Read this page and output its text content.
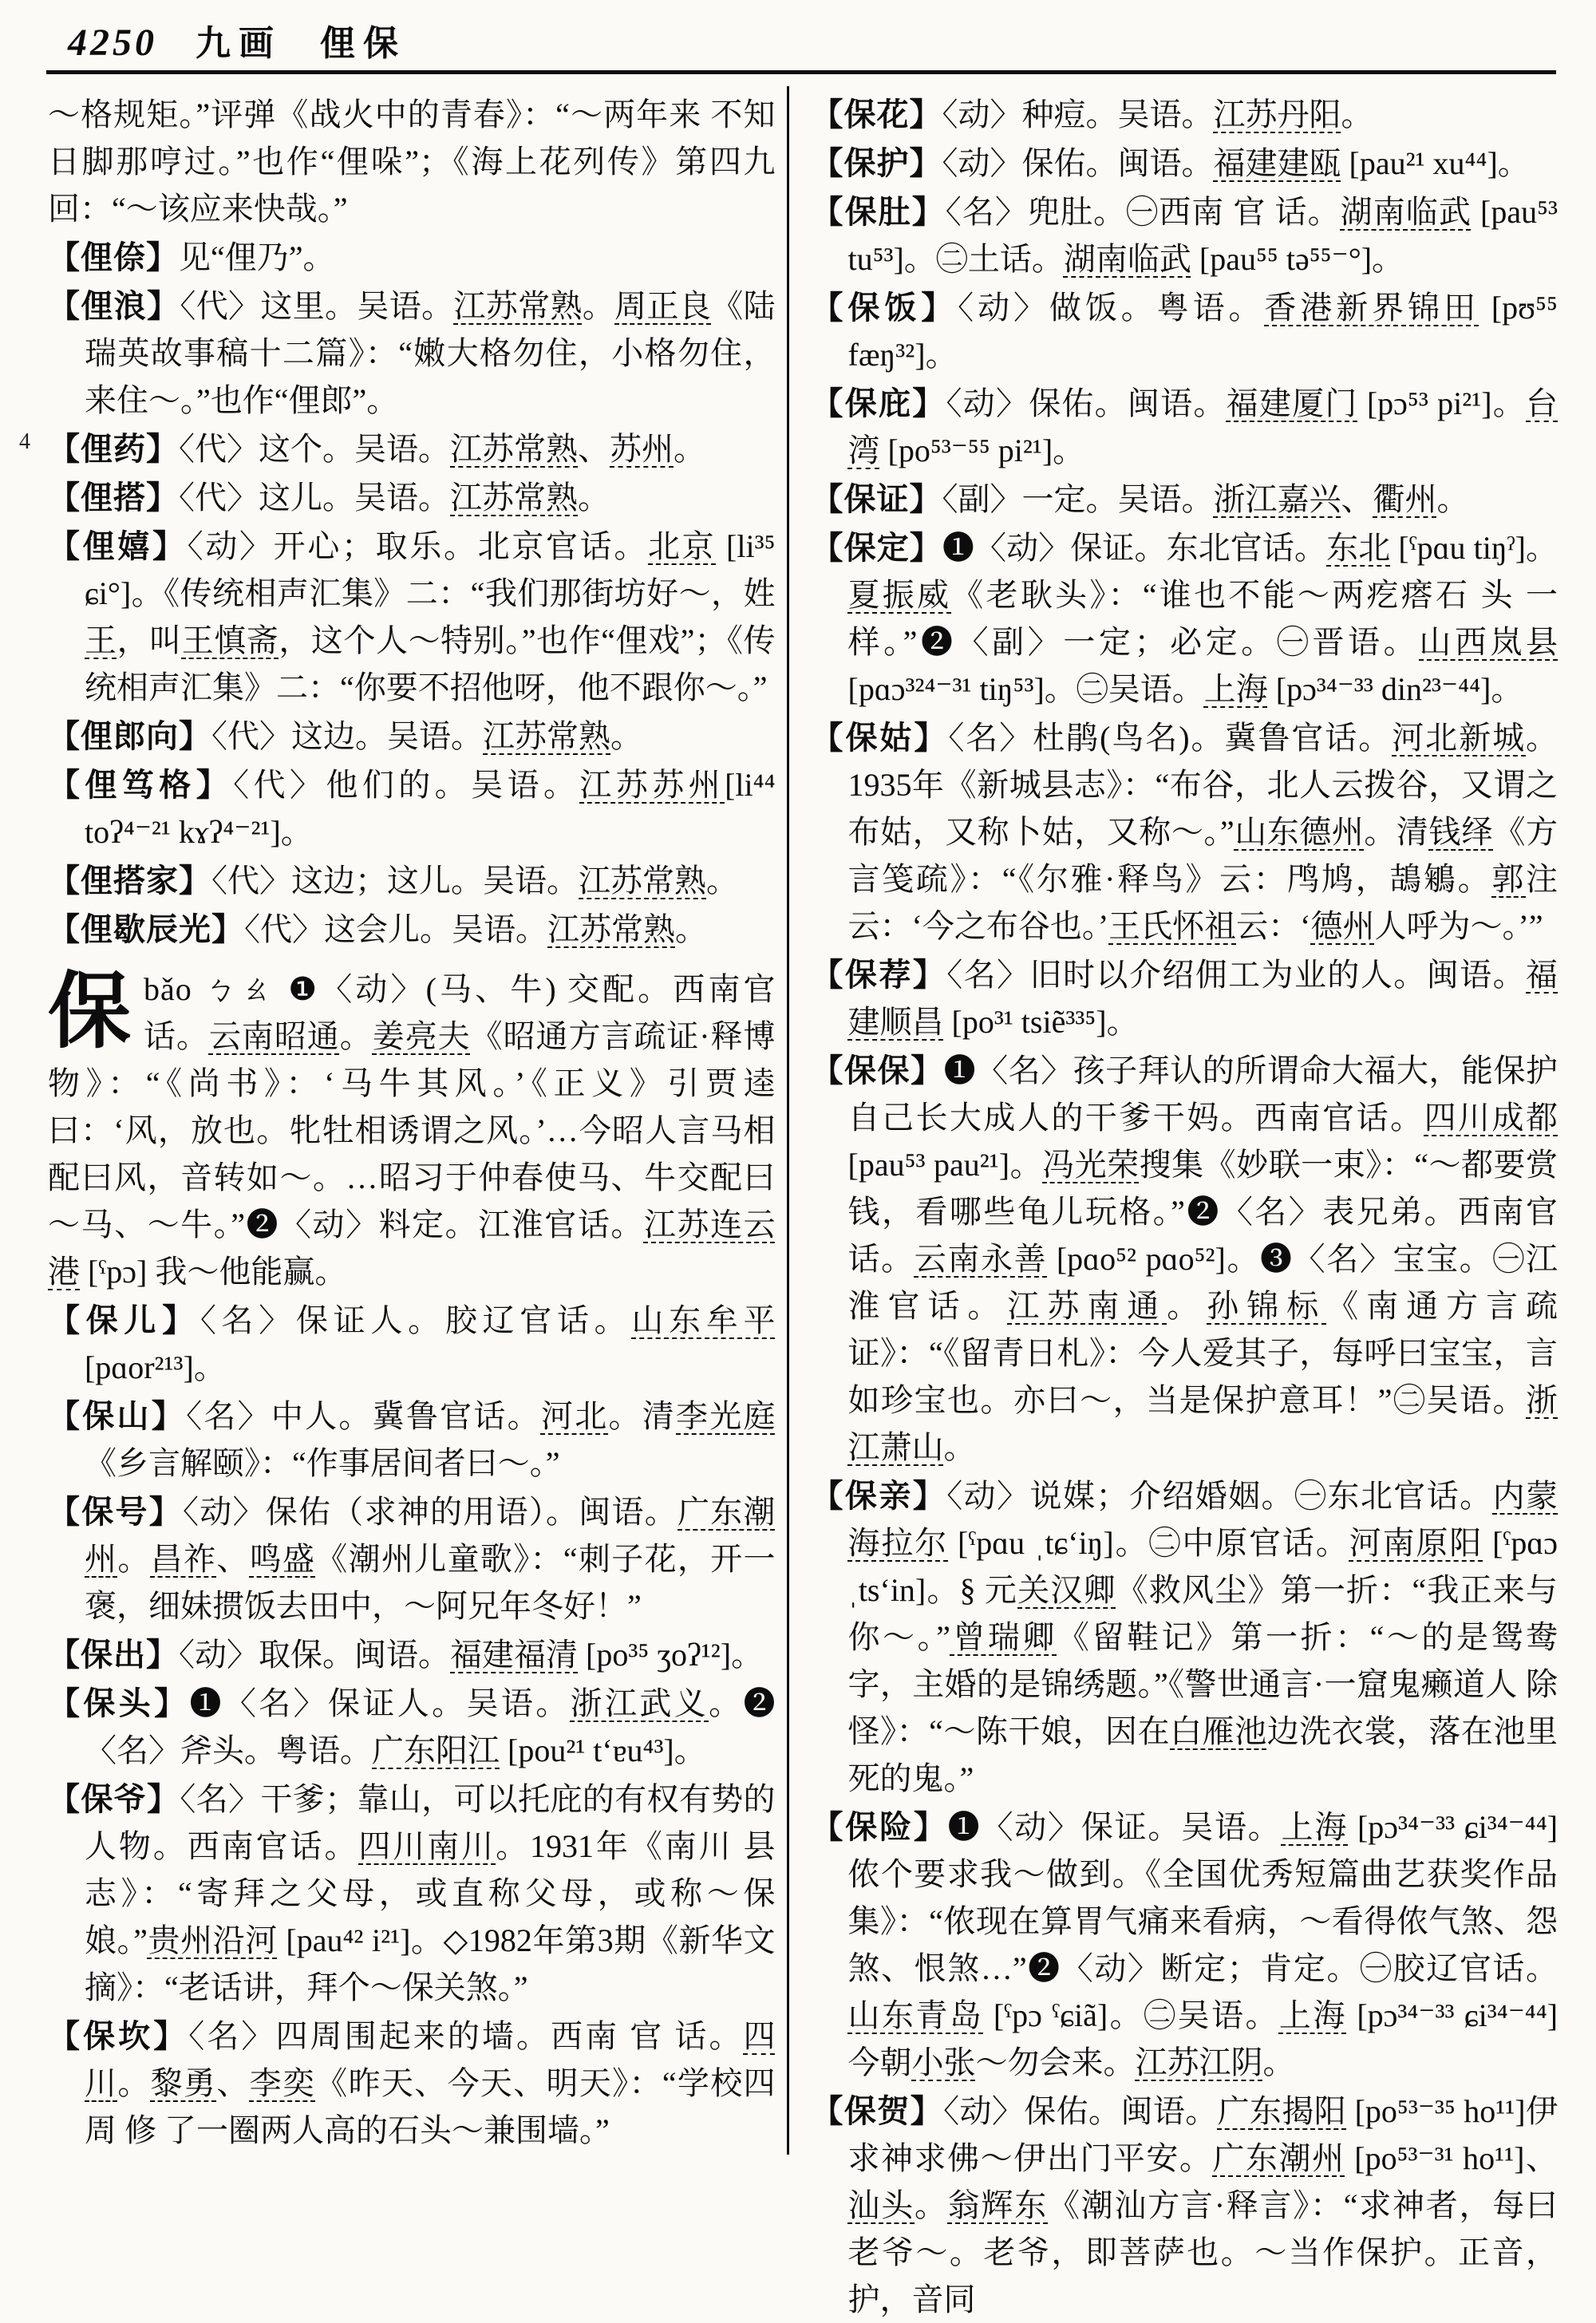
4250 九画 俚保
4

～格规矩。”评弹《战火中的青春》：“～两年来 不知日脚那哼过。”也作“俚哚”；《海上花列传》第四九回：“～该应来快哉。”

【俚倷】见“俚乃”。

【俚浪】〈代〉这里。吴语。江苏常熟。周正良《陆瑞英故事稿十二篇》：“嫩大格勿住，小格勿住，来住～。”也作“俚郎”。

【俚药】〈代〉这个。吴语。江苏常熟、苏州。

【俚搭】〈代〉这儿。吴语。江苏常熟。

【俚嬉】〈动〉开心；取乐。北京官话。北京 [li³⁵ ɕi°]。《传统相声汇集》二：“我们那街坊好～，姓王，叫王慎斋，这个人～特别。”也作“俚戏”；《传统相声汇集》二：“你要不招他呀，他不跟你～。”

【俚郎向】〈代〉这边。吴语。江苏常熟。

【俚笃格】〈代〉他们的。吴语。江苏苏州[li⁴⁴ toʔ⁴⁻²¹ kɤʔ⁴⁻²¹]。

【俚搭家】〈代〉这边；这儿。吴语。江苏常熟。

【俚歇辰光】〈代〉这会儿。吴语。江苏常熟。

保bǎo ㄅㄠ ❶〈动〉(马、牛) 交配。西南官话。云南昭通。姜亮夫《昭通方言疏证·释博物》：“《尚书》：‘马牛其风。’《正义》引贾逵曰：‘风，放也。牝牡相诱谓之风。’…今昭人言马相配曰风，音转如～。…昭习于仲春使马、牛交配曰～马、～牛。”❷〈动〉料定。江淮官话。江苏连云港 [ˤpɔ] 我～他能赢。

【保儿】〈名〉保证人。胶辽官话。山东牟平[pɑor²¹³]。

【保山】〈名〉中人。冀鲁官话。河北。清李光庭《乡言解颐》：“作事居间者曰～。”

【保号】〈动〉保佑（求神的用语）。闽语。广东潮州。昌祚、鸣盛《潮州儿童歌》：“刺子花，开一褒，细妹掼饭去田中，～阿兄年冬好！”

【保出】〈动〉取保。闽语。福建福清 [po³⁵ ʒoʔ¹²]。

【保头】❶〈名〉保证人。吴语。浙江武义。❷〈名〉斧头。粤语。广东阳江 [pou²¹ t‘ɐu⁴³]。

【保爷】〈名〉干爹；靠山，可以托庇的有权有势的人物。西南官话。四川南川。1931年《南川 县 志》：“寄拜之父母，或直称父母，或称～保娘。”贵州沿河 [pau⁴² i²¹]。◇1982年第3期《新华文摘》：“老话讲，拜个～保关煞。”

【保坎】〈名〉四周围起来的墙。西南 官 话。四川。黎勇、李奕《昨天、今天、明天》：“学校四周 修 了一圈两人高的石头～兼围墙。”

【保花】〈动〉种痘。吴语。江苏丹阳。

【保护】〈动〉保佑。闽语。福建建瓯 [pau²¹ xu⁴⁴]。

【保肚】〈名〉兜肚。㊀西南 官 话。湖南临武 [pau⁵³ tu⁵³]。㊁土话。湖南临武 [pau⁵⁵ tə⁵⁵⁻°]。

【保饭】〈动〉做饭。粤语。香港新界锦田 [pʊ⁵⁵ fæŋ³²]。

【保庇】〈动〉保佑。闽语。福建厦门 [pɔ⁵³ pi²¹]。台湾 [po⁵³⁻⁵⁵ pi²¹]。

【保证】〈副〉一定。吴语。浙江嘉兴、衢州。

【保定】❶〈动〉保证。东北官话。东北 [ˤpɑu tiŋˀ]。夏振威《老耿头》：“谁也不能～两疙瘩石 头 一样。”❷〈副〉一定；必定。㊀晋语。山西岚县[pɑɔ³²⁴⁻³¹ tiŋ⁵³]。㊁吴语。上海 [pɔ³⁴⁻³³ din²³⁻⁴⁴]。

【保姑】〈名〉杜鹃(鸟名)。冀鲁官话。河北新城。1935年《新城县志》：“布谷，北人云拨谷，又谓之布姑，又称卜姑，又称～。”山东德州。清钱绎《方言笺疏》：“《尔雅·释鸟》云：鸤鸠，鴶鵴。郭注云：‘今之布谷也。’王氏怀祖云：‘德州人呼为～。’”

【保荐】〈名〉旧时以介绍佣工为业的人。闽语。福建顺昌 [po³¹ tsiẽ³³⁵]。

【保保】❶〈名〉孩子拜认的所谓命大福大，能保护自己长大成人的干爹干妈。西南官话。四川成都 [pau⁵³ pau²¹]。冯光荣搜集《妙联一束》：“～都要赏钱，看哪些龟儿玩格。”❷〈名〉表兄弟。西南官话。云南永善 [pɑo⁵² pɑo⁵²]。❸〈名〉宝宝。㊀江淮官话。江苏南通。孙锦标《南通方言疏证》：“《留青日札》：今人爱其子，每呼曰宝宝，言如珍宝也。亦曰～，当是保护意耳！”㊁吴语。浙江萧山。

【保亲】〈动〉说媒；介绍婚姻。㊀东北官话。内蒙海拉尔 [ˤpɑu ˌtɕ‘iŋ]。㊁中原官话。河南原阳 [ˤpɑɔ ˌts‘in]。§ 元关汉卿《救风尘》第一折：“我正来与你～。”曾瑞卿《留鞋记》第一折：“～的是鸳鸯字，主婚的是锦绣题。”《警世通言·一窟鬼癞道人 除 怪》：“～陈干娘，因在白雁池边洗衣裳，落在池里死的鬼。”

【保险】❶〈动〉保证。吴语。上海 [pɔ³⁴⁻³³ ɕi³⁴⁻⁴⁴]侬个要求我～做到。《全国优秀短篇曲艺获奖作品集》：“侬现在算胃气痛来看病，～看得侬气煞、怨煞、恨煞…”❷〈动〉断定；肯定。㊀胶辽官话。山东青岛 [ˤpɔ ˤɕiã]。㊁吴语。上海 [pɔ³⁴⁻³³ ɕi³⁴⁻⁴⁴] 今朝小张～勿会来。江苏江阴。

【保贺】〈动〉保佑。闽语。广东揭阳 [po⁵³⁻³⁵ ho¹¹]伊求神求佛～伊出门平安。广东潮州 [po⁵³⁻³¹ ho¹¹]、汕头。翁辉东《潮汕方言·释言》：“求神者，每曰老爷～。老爷，即菩萨也。～当作保护。正音，护，音同
